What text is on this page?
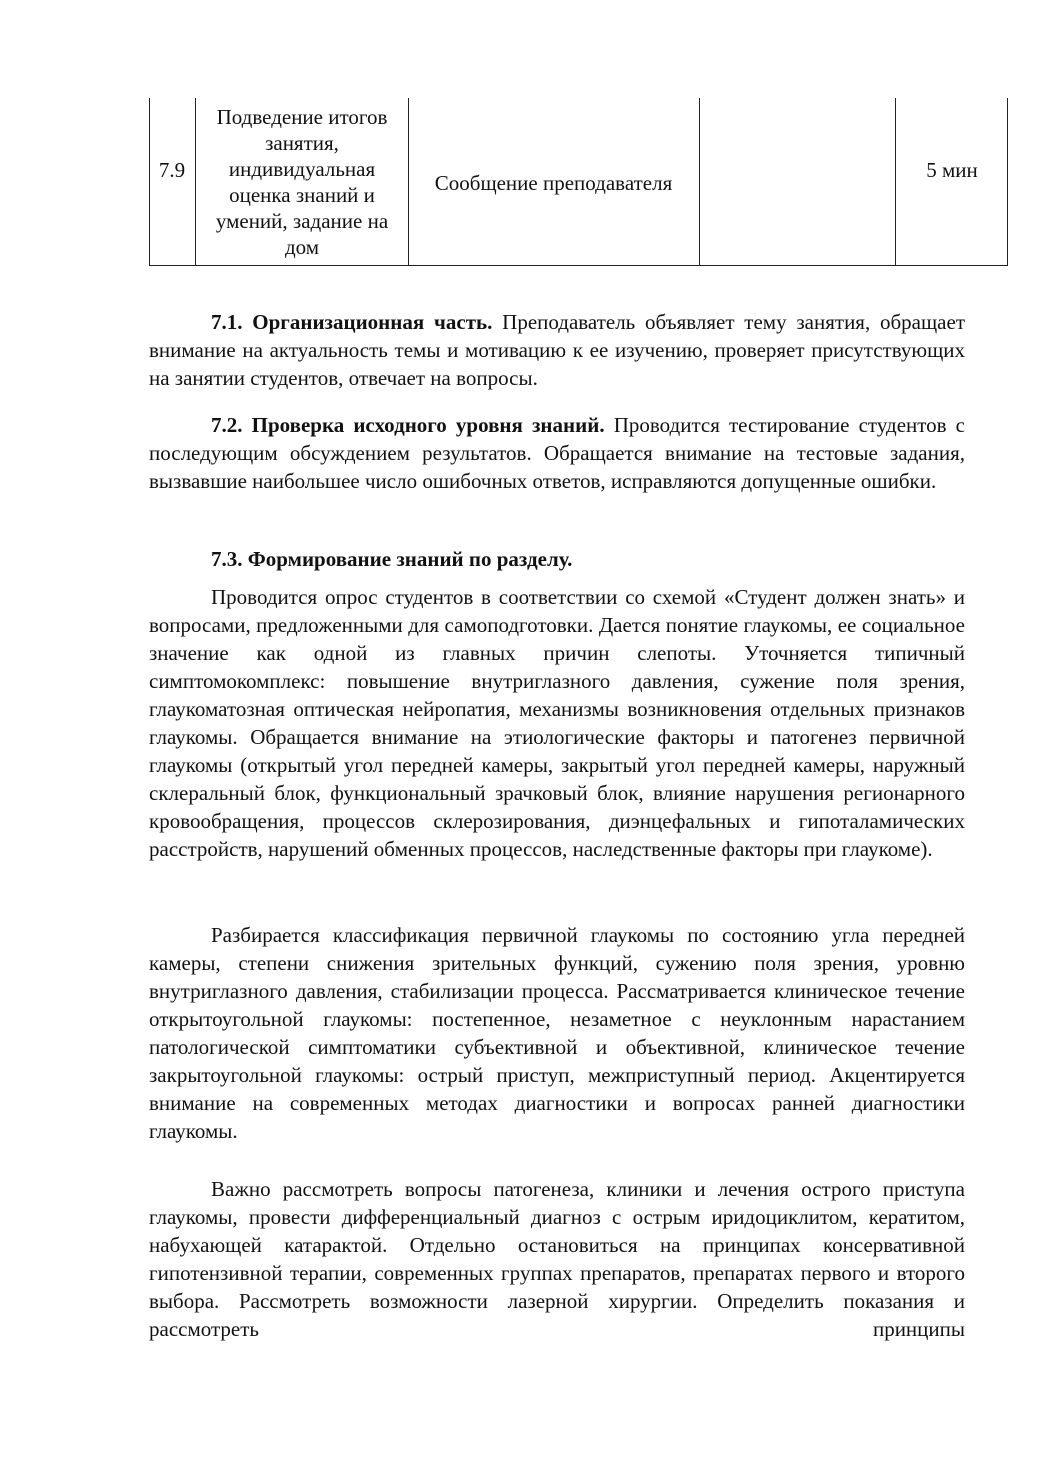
7.9
Подведение итогов занятия, индивидуальная оценка знаний и умений, задание на дом
Сообщение преподавателя
5 мин

7.1. Организационная часть. Преподаватель объявляет тему занятия, обращает внимание на актуальность темы и мотивацию к ее изучению, проверяет присутствующих на занятии студентов, отвечает на вопросы.

7.2. Проверка исходного уровня знаний. Проводится тестирование студентов с последующим обсуждением результатов. Обращается внимание на тестовые задания, вызвавшие наибольшее число ошибочных ответов, исправляются допущенные ошибки.

7.3. Формирование знаний по разделу.

Проводится опрос студентов в соответствии со схемой «Студент должен знать» и вопросами, предложенными для самоподготовки. Дается понятие глаукомы, ее социальное значение как одной из главных причин слепоты. Уточняется типичный симптомокомплекс: повышение внутриглазного давления, сужение поля зрения, глаукоматозная оптическая нейропатия, механизмы возникновения отдельных признаков глаукомы. Обращается внимание на этиологические факторы и патогенез первичной глаукомы (открытый угол передней камеры, закрытый угол передней камеры, наружный склеральный блок, функциональный зрачковый блок, влияние нарушения регионарного кровообращения, процессов склерозирования, диэнцефальных и гипоталамических расстройств, нарушений обменных процессов, наследственные факторы при глаукоме).

Разбирается классификация первичной глаукомы по состоянию угла передней камеры, степени снижения зрительных функций, сужению поля зрения, уровню внутриглазного давления, стабилизации процесса. Рассматривается клиническое течение открытоугольной глаукомы: постепенное, незаметное с неуклонным нарастанием патологической симптоматики субъективной и объективной, клиническое течение закрытоугольной глаукомы: острый приступ, межприступный период. Акцентируется внимание на современных методах диагностики и вопросах ранней диагностики глаукомы.

Важно рассмотреть вопросы патогенеза, клиники и лечения острого приступа глаукомы, провести дифференциальный диагноз с острым иридоциклитом, кератитом, набухающей катарактой. Отдельно остановиться на принципах консервативной гипотензивной терапии, современных группах препаратов, препаратах первого и второго выбора. Рассмотреть возможности лазерной хирургии. Определить показания и рассмотреть принципы
